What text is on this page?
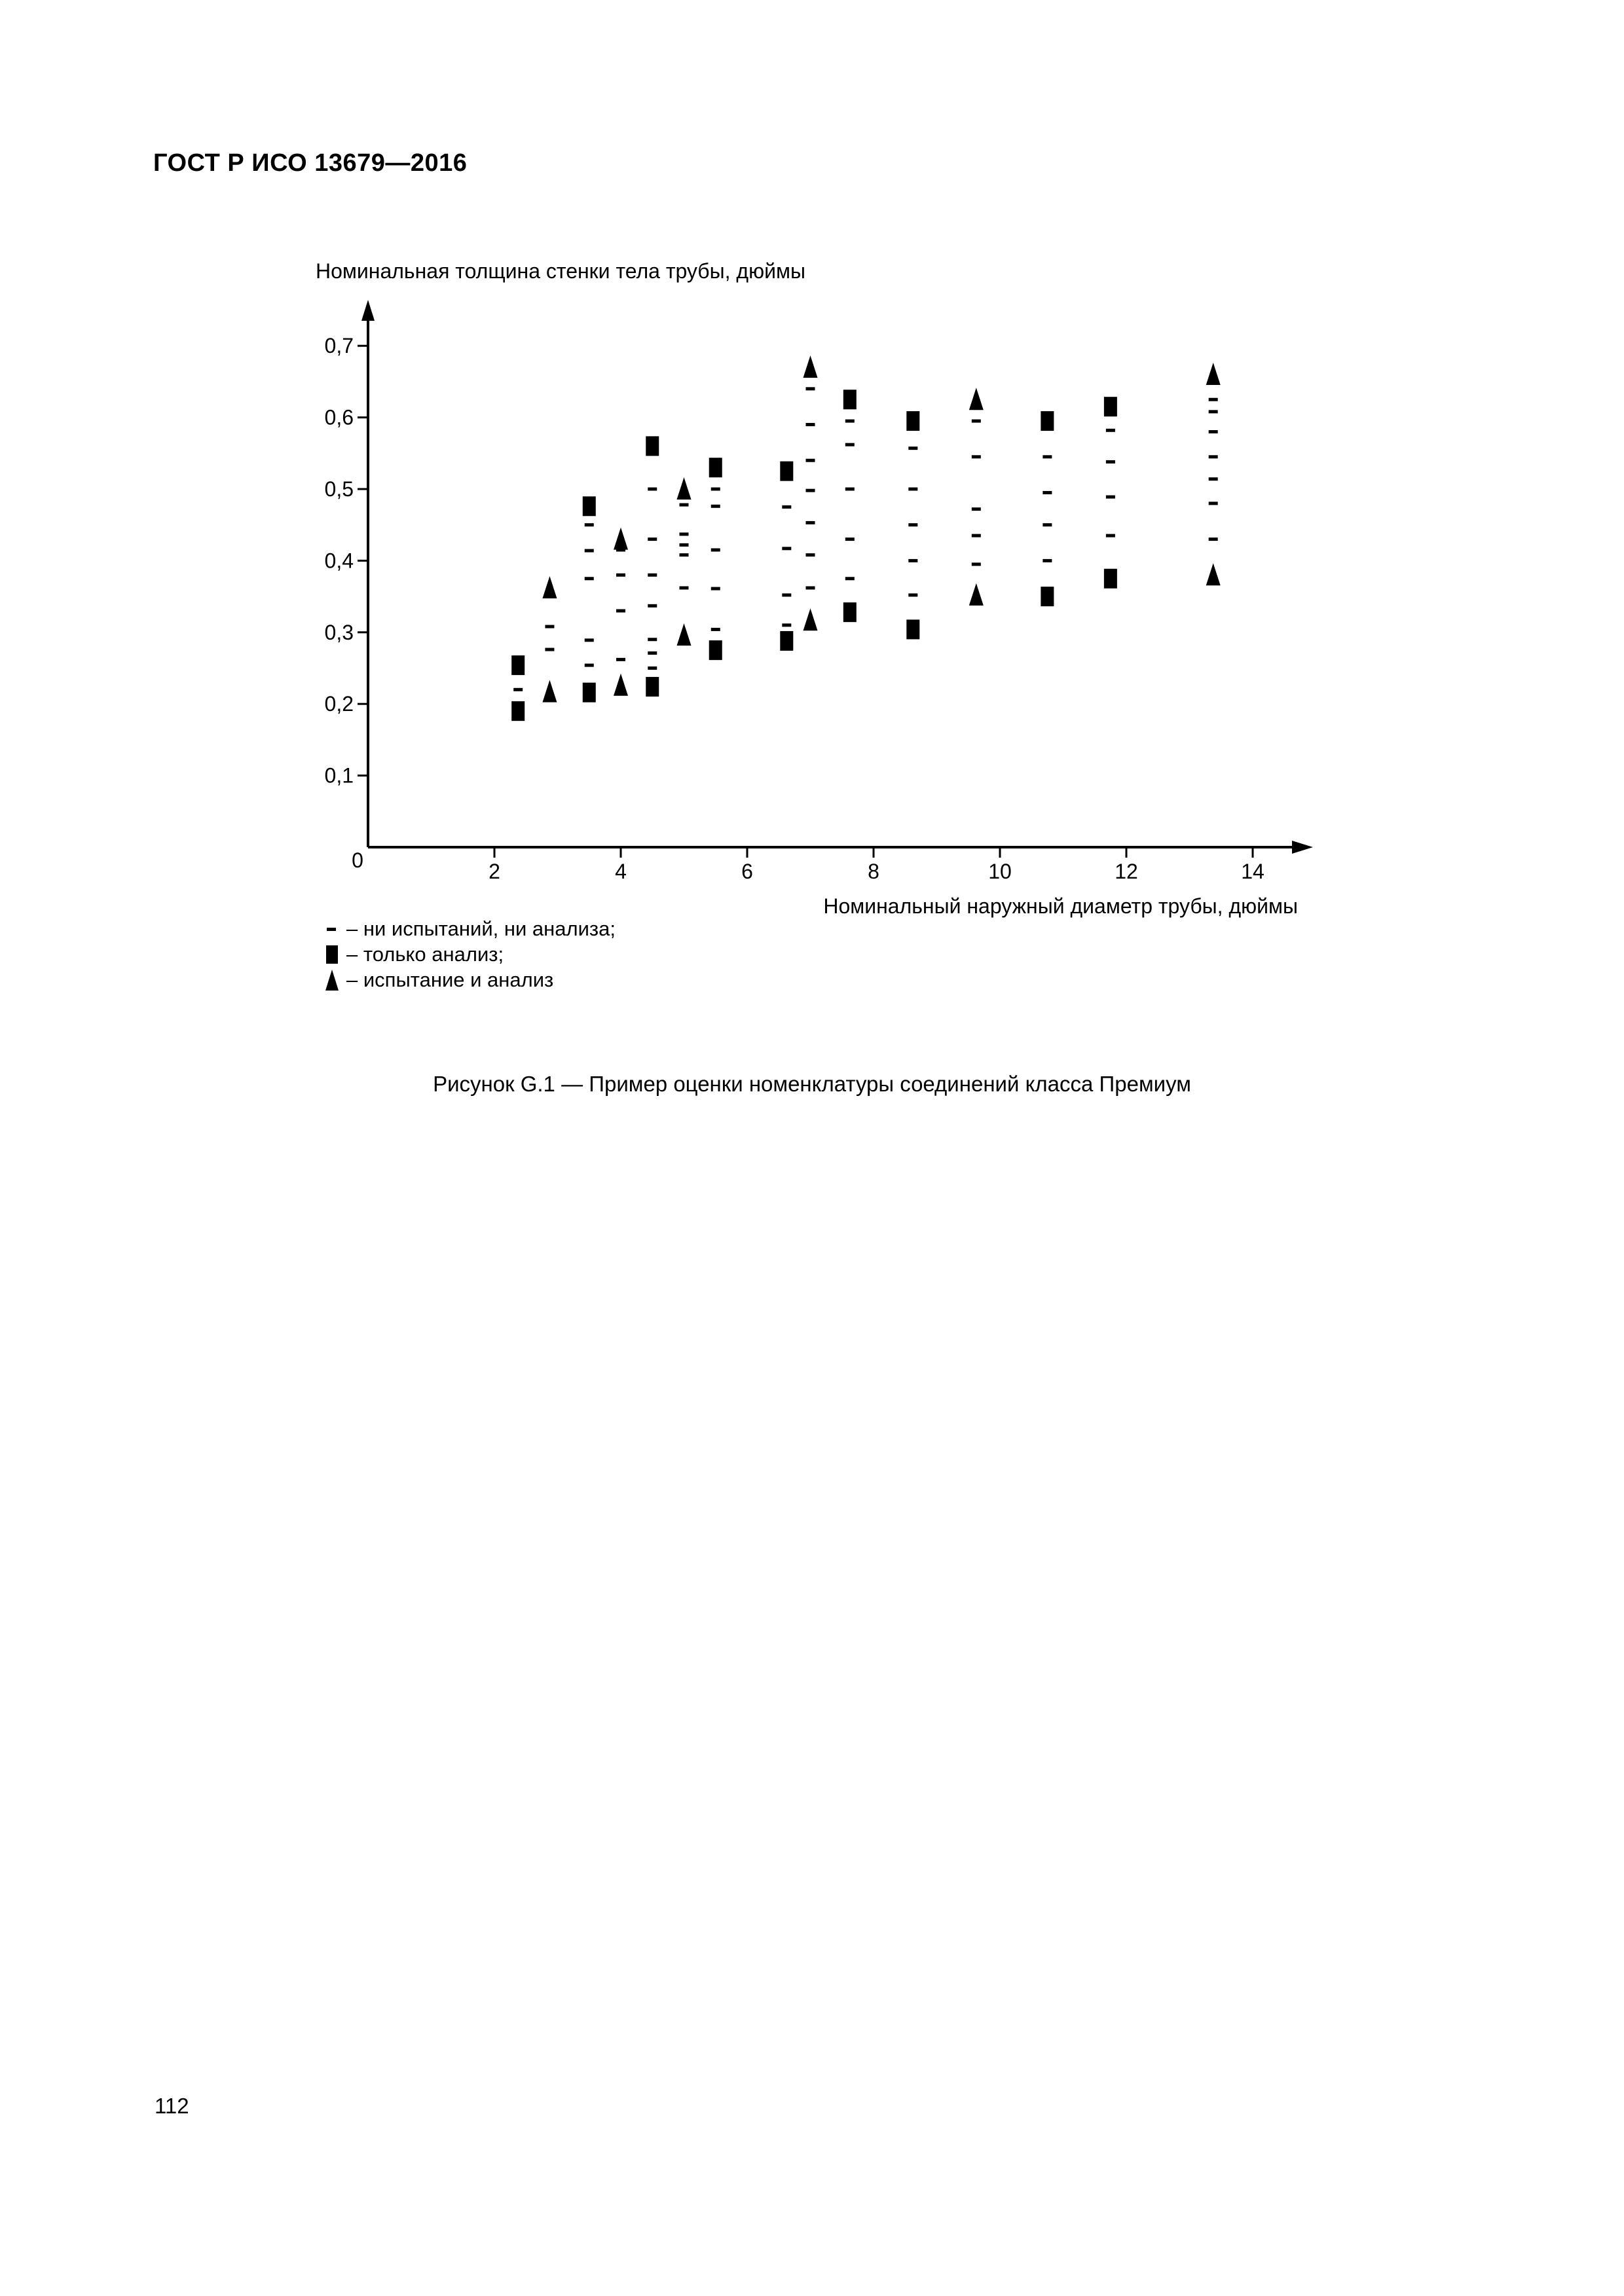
ГОСТ Р ИСО 13679—2016
Номинальная толщина стенки тела трубы, дюймы
Номинальный наружный диаметр трубы, дюймы
0	2	4	6	8	10	12	14
0,1
0,2
0,3
0,4
0,5
0,6
0,7
– ни испытаний, ни анализа;
– только анализ;
– испытание и анализ
Рисунок G.1 — Пример оценки номенклатуры соединений класса Премиум
112
